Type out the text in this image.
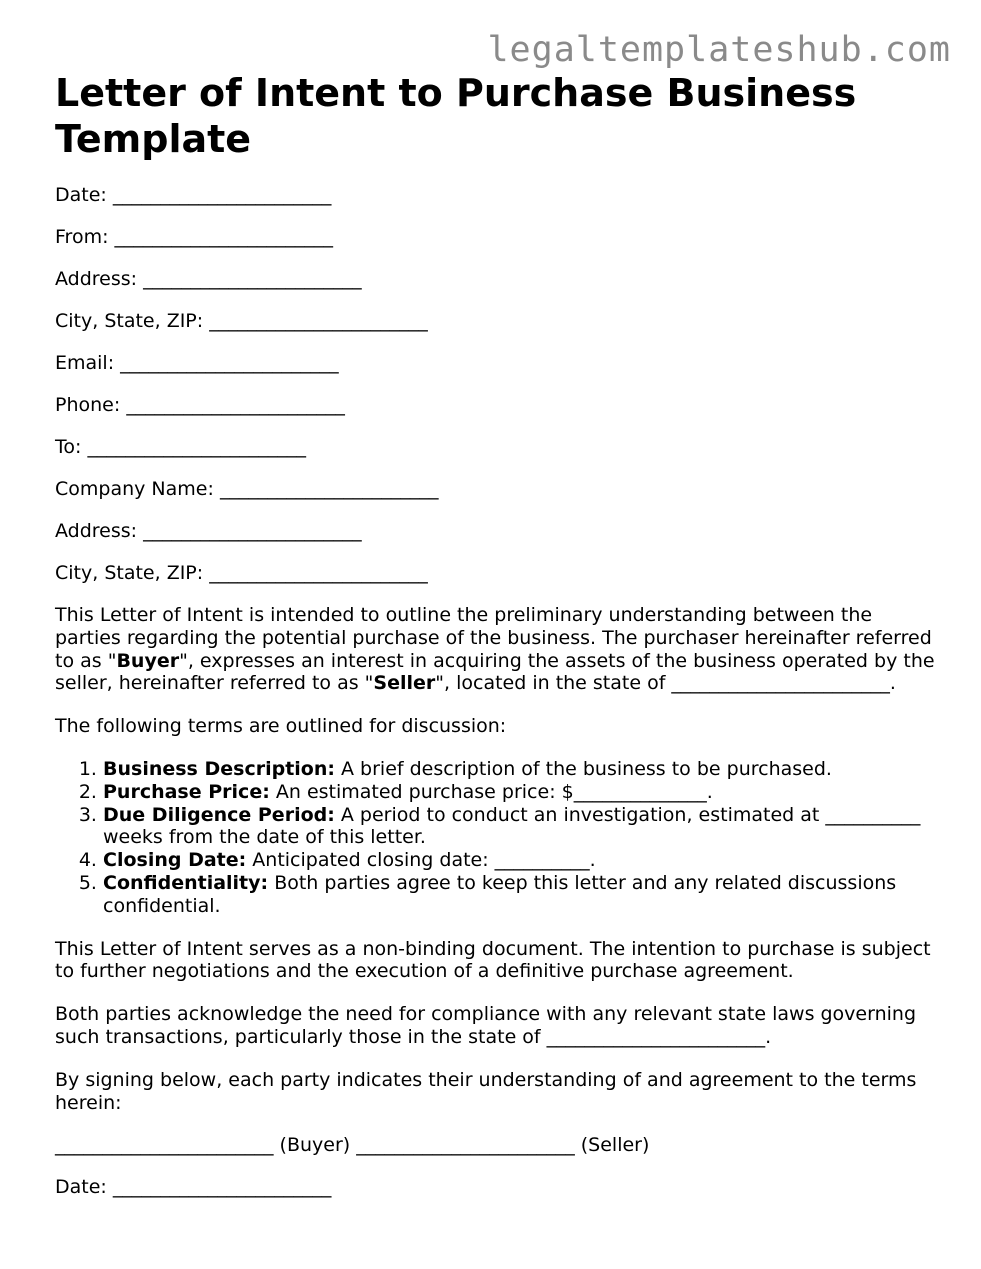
legaltemplateshub.com
Letter of Intent to Purchase Business Template
Date: _______________________
From: _______________________
Address: _______________________
City, State, ZIP: _______________________
Email: _______________________
Phone: _______________________
To: _______________________
Company Name: _______________________
Address: _______________________
City, State, ZIP: _______________________

This Letter of Intent is intended to outline the preliminary understanding between the parties regarding the potential purchase of the business. The purchaser hereinafter referred to as "Buyer", expresses an interest in acquiring the assets of the business operated by the seller, hereinafter referred to as "Seller", located in the state of _______________________.

The following terms are outlined for discussion:

1. Business Description: A brief description of the business to be purchased.
2. Purchase Price: An estimated purchase price: $______________.
3. Due Diligence Period: A period to conduct an investigation, estimated at __________ weeks from the date of this letter.
4. Closing Date: Anticipated closing date: __________.
5. Confidentiality: Both parties agree to keep this letter and any related discussions confidential.

This Letter of Intent serves as a non-binding document. The intention to purchase is subject to further negotiations and the execution of a definitive purchase agreement.

Both parties acknowledge the need for compliance with any relevant state laws governing such transactions, particularly those in the state of _______________________.

By signing below, each party indicates their understanding of and agreement to the terms herein:

_______________________ (Buyer) _______________________ (Seller)
Date: _______________________
